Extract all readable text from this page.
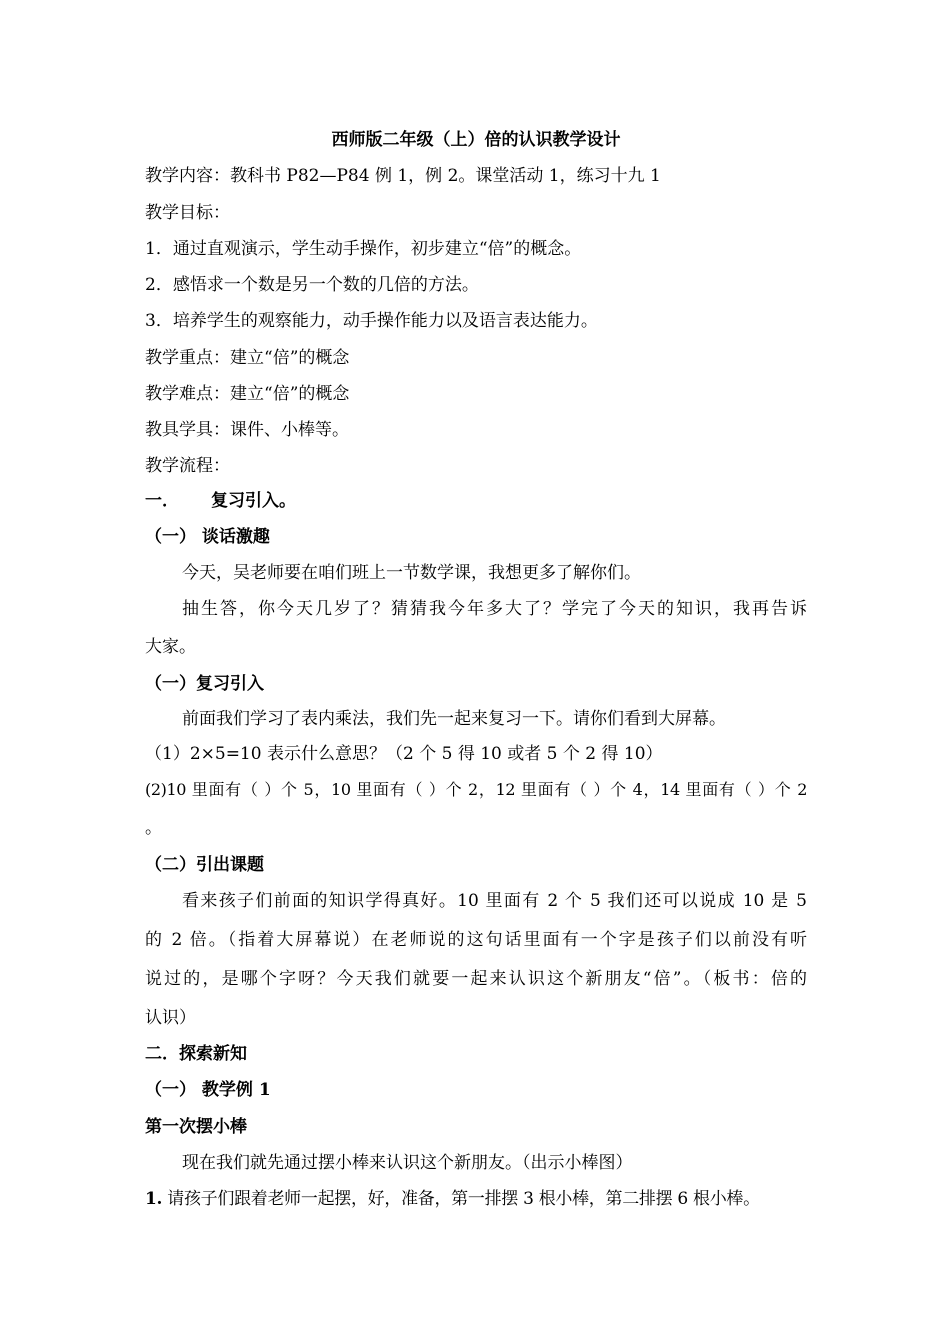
西师版二年级（上）倍的认识教学设计
教学内容：教科书 P82—P84 例 1，例 2。课堂活动 1，练习十九 1
教学目标：
1．通过直观演示，学生动手操作，初步建立“倍”的概念。
2．感悟求一个数是另一个数的几倍的方法。
3．培养学生的观察能力，动手操作能力以及语言表达能力。
教学重点：建立“倍”的概念
教学难点：建立“倍”的概念
教具学具：课件、小棒等。
教学流程：
一． 复习引入。
（一） 谈话激趣
今天，吴老师要在咱们班上一节数学课，我想更多了解你们。
抽生答，你今天几岁了？猜猜我今年多大了？学完了今天的知识，我再告诉
大家。
（一）复习引入
前面我们学习了表内乘法，我们先一起来复习一下。请你们看到大屏幕。
（1）2×5=10 表示什么意思？（2 个 5 得 10 或者 5 个 2 得 10）
(2)10 里面有（ ）个 5，10 里面有（ ）个 2，12 里面有（ ）个 4，14 里面有（ ）个 2
。
（二）引出课题
看来孩子们前面的知识学得真好。10 里面有 2 个 5 我们还可以说成 10 是 5
的 2 倍。（指着大屏幕说）在老师说的这句话里面有一个字是孩子们以前没有听
说过的，是哪个字呀？今天我们就要一起来认识这个新朋友“倍”。（板书：倍的
认识）
二．探索新知
（一） 教学例 1
第一次摆小棒
现在我们就先通过摆小棒来认识这个新朋友。（出示小棒图）
1. 请孩子们跟着老师一起摆，好，准备，第一排摆 3 根小棒，第二排摆 6 根小棒。
